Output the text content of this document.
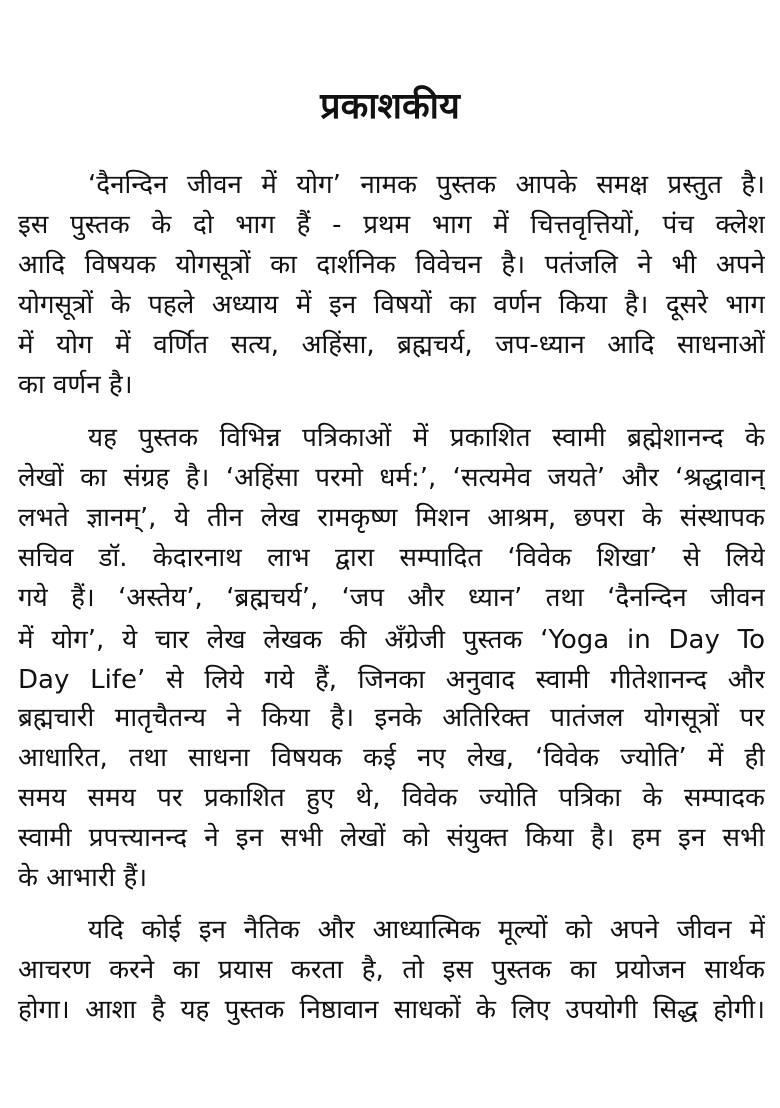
प्रकाशकीय
‘दैनन्दिन जीवन में योग’ नामक पुस्तक आपके समक्ष प्रस्तुत है।
इस पुस्तक के दो भाग हैं - प्रथम भाग में चित्तवृत्तियों, पंच क्लेश
आदि विषयक योगसूत्रों का दार्शनिक विवेचन है। पतंजलि ने भी अपने
योगसूत्रों के पहले अध्याय में इन विषयों का वर्णन किया है। दूसरे भाग
में योग में वर्णित सत्य, अहिंसा, ब्रह्मचर्य, जप-ध्यान आदि साधनाओं
का वर्णन है।
यह पुस्तक विभिन्न पत्रिकाओं में प्रकाशित स्वामी ब्रह्मेशानन्द के
लेखों का संग्रह है। ‘अहिंसा परमो धर्म:’, ‘सत्यमेव जयते’ और ‘श्रद्धावान्
लभते ज्ञानम्’, ये तीन लेख रामकृष्ण मिशन आश्रम, छपरा के संस्थापक
सचिव डॉ. केदारनाथ लाभ द्वारा सम्पादित ‘विवेक शिखा’ से लिये
गये हैं। ‘अस्तेय’, ‘ब्रह्मचर्य’, ‘जप और ध्यान’ तथा ‘दैनन्दिन जीवन
में योग’, ये चार लेख लेखक की अँग्रेजी पुस्तक ‘Yoga in Day To
Day Life’ से लिये गये हैं, जिनका अनुवाद स्वामी गीतेशानन्द और
ब्रह्मचारी मातृचैतन्य ने किया है। इनके अतिरिक्त पातंजल योगसूत्रों पर
आधारित, तथा साधना विषयक कई नए लेख, ‘विवेक ज्योति’ में ही
समय समय पर प्रकाशित हुए थे, विवेक ज्योति पत्रिका के सम्पादक
स्वामी प्रपत्त्यानन्द ने इन सभी लेखों को संयुक्त किया है। हम इन सभी
के आभारी हैं।
यदि कोई इन नैतिक और आध्यात्मिक मूल्यों को अपने जीवन में
आचरण करने का प्रयास करता है, तो इस पुस्तक का प्रयोजन सार्थक
होगा। आशा है यह पुस्तक निष्ठावान साधकों के लिए उपयोगी सिद्ध होगी।
